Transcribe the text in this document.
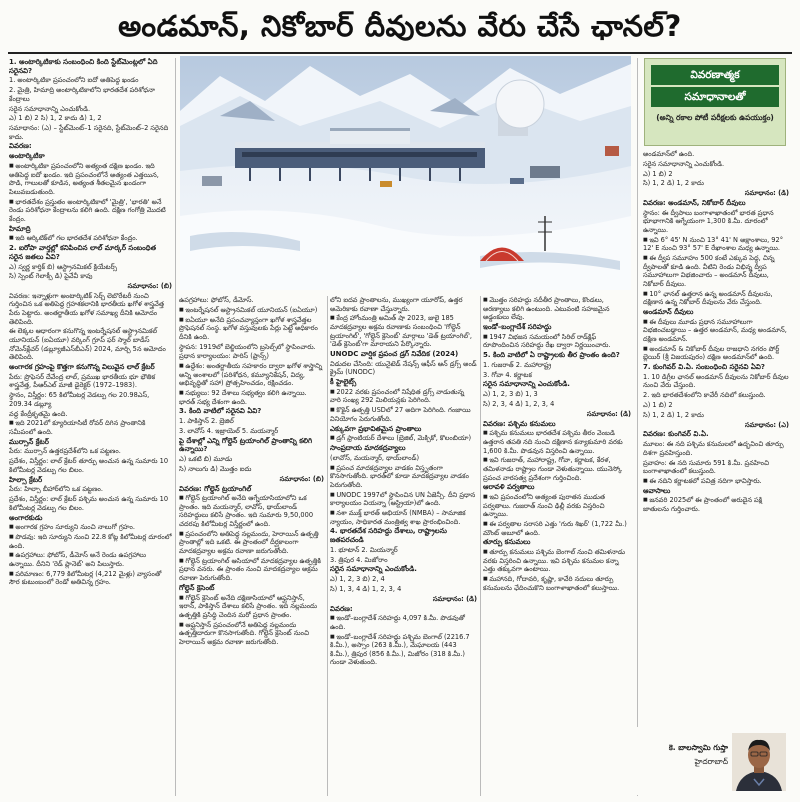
అండమాన్, నికోబార్ దీవులను వేరు చేసే ఛానల్?
వివరణాత్మక
సమాధానాలతో
(అన్ని రకాల పోటీ పరీక్షలకు ఉపయుక్తం)

1. అంటార్కిటికాకు సంబంధించి కింది స్టేట్‌మెంట్లలో ఏది సరైనవి?

1. అంటార్కిటికా ప్రపంచంలోని ఐదో అతిపెద్ద ఖండం

2. మైత్రి, హిమాద్రి అంటార్కిటికాలోని భారతదేశ పరిశోధనా కేంద్రాలు

సరైన సమాధానాన్ని ఎంచుకోండి.

ఎ) 1 బి) 2 సి) 1, 2 కాదు డి) 1, 2

సమాధానం: (ఎ) – స్టేట్‌మెంట్–1 సరైనది, స్టేట్‌మెంట్–2 సరైనది కాదు.

వివరణ:

అంటార్కిటికా

■ అంటార్కిటికా ప్రపంచంలోని అత్యంత దక్షిణ ఖండం. ఇది అతిపెద్ద ఐదో ఖండం. ఇది ప్రపంచంలోనే అత్యంత ఎత్తయిన, పొడి, గాలులతో కూడిన, అత్యంత శీతలమైన ఖండంగా పిలువబడుతుంది.

■ భారతదేశం ప్రస్తుతం అంటార్కిటికాలో 'మైత్రి', 'భారతి' అనే రెండు పరిశోధనా కేంద్రాలను కలిగి ఉంది. దక్షిణ గంగోత్రి మొదటి కేంద్రం.

హిమాద్రి

■ ఇది ఆర్కిటిక్‌లో గల భారతదేశ పరిశోధనా కేంద్రం.

2. ఐరోపా వార్తల్లో కనిపించిన లాల్ మార్కర్ సంబంధిత సరైన జతలు ఏవి?

ఎ) స్వర్ణ కార్తిక్ బి) ఆస్ట్రానమికల్ క్రియేటర్స్

సి) స్పెంట్ గెలాక్సీ డి) పైవేవీ కావు

సమాధానం: (బి)

వివరణ: ఇన్నాళ్లుగా అంటార్కిటిక్ సెర్చ్ లెబొరేటరీ నుంచి గుర్తించిన ఒక అతిపెద్ద గ్రహశకలానికి భారతీయ ఖగోళ శాస్త్రవేత్త పేరు పెట్టారు. అంతర్జాతీయ ఖగోళ సమాఖ్య దీనికి ఆమోదం తెలిపింది.

ఈ లెక్కల ఆధారంగా కనుగొన్న ఇంటర్నేషనల్ ఆస్ట్రానమికల్ యూనియన్ (ఐఏయూ) వర్కింగ్ గ్రూప్ ఫర్ స్మాల్ బాడీస్ నోమెన్‌క్లేచర్ (డబ్ల్యూజీఎస్‌బీఎన్) 2024, మార్చి 5న ఆమోదం తెలిపింది.

అంగారక గ్రహంపై కొత్తగా కనుగొన్న విలువైన లాల్ క్రేటర్

పేరు: ప్రొఫెసర్ దేవేంద్ర లాల్, ప్రముఖ భారతీయ భూ భౌతిక శాస్త్రవేత్త, పీఆర్ఎల్ మాజీ డైరెక్టర్ (1972–1983).

స్థానం, విస్తీర్ణం: 65 కిలోమీటర్ల వెడల్పు గల 20.98ఎస్, 209.34 డబ్ల్యూ

వద్ద కేంద్రీకృతమై ఉంది.

■ ఇది 2021లో క్యూరియాసిటీ రోవర్ దిగిన ప్రాంతానికి సమీపంలో ఉంది.

ముర్సాన్ క్రేటర్

పేరు: ముర్సాన్ ఉత్తరప్రదేశ్‌లోని ఒక పట్టణం.

ప్రదేశం, విస్తీర్ణం: లాల్ క్రేటర్ తూర్పు అంచున ఉన్న సుమారు 10 కిలోమీటర్ల వెడల్పు గల బిలం.

హిల్సా క్రేటర్

పేరు: హిల్సా బీహార్‌లోని ఒక పట్టణం.

ప్రదేశం, విస్తీర్ణం: లాల్ క్రేటర్ పశ్చిమ అంచున ఉన్న సుమారు 10 కిలోమీటర్ల వెడల్పు గల బిలం.

అంగారకుడు

■ అంగారక గ్రహం సూర్యుని నుంచి నాలుగో గ్రహం.

■ పొడవు: ఇది సూర్యుని నుంచి 22.8 కోట్ల కిలోమీటర్ల దూరంలో ఉంది.

■ ఉపగ్రహాలు: ఫోబోస్, డీమోస్ అనే రెండు ఉపగ్రహాలు ఉన్నాయి. దీనిని 'రెడ్ ప్లానెట్' అని పిలుస్తారు.

■ పరిమాణం: 6,779 కిలోమీటర్ల (4,212 మైళ్లు) వ్యాసంతో సౌర కుటుంబంలో రెండో అతిచిన్న గ్రహం.

ఉపగ్రహాలు: ఫోబోస్, డీమోస్.

■ ఇంటర్నేషనల్ ఆస్ట్రానమికల్ యూనియన్ (ఐఏయూ)

■ ఐఏయూ అనేది ప్రపంచవ్యాప్తంగా ఖగోళ శాస్త్రవేత్తల ప్రొఫెషనల్ సంస్థ. ఖగోళ వస్తువులకు పేర్లు పెట్టే అధికారం దీనికి ఉంది.

స్థాపన: 1919లో బెల్జియంలోని బ్రసెల్స్‌లో స్థాపించారు.

ప్రధాన కార్యాలయం: పారిస్ (ఫ్రాన్స్)

■ ఉద్దేశం: అంతర్జాతీయ సహకారం ద్వారా ఖగోళ శాస్త్రాన్ని అన్ని అంశాలలో (పరిశోధన, కమ్యూనికేషన్, విద్య, అభివృద్ధితో సహా) ప్రోత్సహించడం, రక్షించడం.

■ సభ్యులు: 92 దేశాలు సభ్యత్వం కలిగి ఉన్నాయి. భారత్ సభ్య దేశంగా ఉంది.

3. కింది వాటిలో సరైనవి ఏవి?

1. పాకిస్తాన్ 2. బ్రెజిల్

3. లావోస్ 4. ఇజ్రాయెల్ 5. మయన్మార్

పై దేశాల్లో ఎన్ని గోల్డెన్ ట్రయాంగిల్ ప్రాంతాన్ని కలిగి ఉన్నాయి?

ఎ) ఒకటి బి) మూడు

సి) నాలుగు డి) మొత్తం ఐదు

సమాధానం: (బి)

వివరణ: గోల్డెన్ ట్రయాంగిల్

■ గోల్డెన్ ట్రయాంగిల్ అనేది ఆగ్నేయాసియాలోని ఒక ప్రాంతం. ఇది మయన్మార్, లావోస్, థాయ్‌లాండ్ సరిహద్దులు కలిసే ప్రాంతం. ఇది సుమారు 9,50,000 చదరపు కిలోమీటర్ల విస్తీర్ణంలో ఉంది.

■ ప్రపంచంలోని అతిపెద్ద నల్లమందు, హెరాయిన్ ఉత్పత్తి ప్రాంతాల్లో ఇది ఒకటి. ఈ ప్రాంతంలో దీర్ఘకాలంగా మాదకద్రవ్యాల అక్రమ రవాణా జరుగుతోంది.

■ గోల్డెన్ ట్రయాంగిల్ ఆసియాలో మాదకద్రవ్యాల ఉత్పత్తికి ప్రధాన వనరు. ఈ ప్రాంతం నుంచి మాదకద్రవ్యాల అక్రమ రవాణా పెరుగుతోంది.

గోల్డెన్ క్రెసెంట్

■ గోల్డెన్ క్రెసెంట్ అనేది దక్షిణాసియాలో ఆఫ్ఘనిస్తాన్, ఇరాన్, పాకిస్తాన్ దేశాలు కలిసే ప్రాంతం. ఇది నల్లమందు ఉత్పత్తికి ప్రసిద్ధి చెందిన మరో ప్రధాన ప్రాంతం.

■ ఆఫ్ఘనిస్తాన్ ప్రపంచంలోనే అతిపెద్ద నల్లమందు ఉత్పత్తిదారుగా కొనసాగుతోంది. గోల్డెన్ క్రెసెంట్ నుంచి హెరాయిన్ అక్రమ రవాణా జరుగుతోంది.

లోని ఐదవ ప్రాంతాలను, ముఖ్యంగా యూరోప్, ఉత్తర అమెరికాకు రవాణా చేస్తున్నారు.

■ కేంద్ర హోంమంత్రి అమిత్ షా 2023, జులై 185 మాదకద్రవ్యాల అక్రమ రవాణాకు సంబంధించి 'గోల్డెన్ ట్రయాంగిల్', 'గోల్డెన్ క్రెసెంట్' మార్గాలు 'డెత్ ట్రయాంగిల్', 'డెత్ క్రెసెంట్'గా మారాయని పేర్కొన్నారు.

UNODC వార్షిక ప్రపంచ డ్రగ్ నివేదిక (2024)

విడుదల చేసింది: యునైటెడ్ నేషన్స్ ఆఫీస్ ఆన్ డ్రగ్స్ అండ్ క్రైమ్ (UNODC)

కీ హైలైట్స్

■ 2022 వరకు ప్రపంచంలో నిషేధిత డ్రగ్స్ వాడుతున్న వారి సంఖ్య 292 మిలియన్లకు పెరిగింది.

■ కొకైన్ ఉత్పత్తి USDలో 27 అదిగా పెరిగింది. గంజాయి వినియోగం పెరుగుతోంది.

ఎక్కువగా ప్రభావితమైన ప్రాంతాలు

■ డ్రగ్ ఫ్రాంటియర్ దేశాలు (బ్రెజిల్, మెక్సికో, కొలంబియా)

సాంప్రదాయ మాదకద్రవ్యాలు

(లావోస్, మయన్మార్, థాయ్‌లాండ్)

■ ప్రపంచ మాదకద్రవ్యాల వాడకం విస్తృతంగా కొనసాగుతోంది. భారత్‌లో కూడా మాదకద్రవ్యాల వాడకం పెరుగుతోంది.

■ UNODC 1997లో స్థాపించిన UN ఏజెన్సీ. దీని ప్రధాన కార్యాలయం వియన్నా (ఆస్ట్రియా)లో ఉంది.

■ నశా ముక్త్ భారత్ అభియాన్ (NMBA) – సామాజిక న్యాయం, సాధికారత మంత్రిత్వ శాఖ ప్రారంభించింది.

4. భారతదేశ సరిహద్దు దేశాలు, రాష్ట్రాలను జతపరచండి

1. భూటాన్ 2. మియన్మార్

3. త్రిపుర 4. మిజోరాం

సరైన సమాధానాన్ని ఎంచుకోండి.

ఎ) 1, 2, 3 బి) 2, 4

సి) 1, 3, 4 డి) 1, 2, 3, 4

సమాధానం: (డి)

వివరణ:

■ ఇండో–బంగ్లాదేశ్ సరిహద్దు 4,097 కి.మీ. పొడవుతో ఉంది.

■ ఇండో–బంగ్లాదేశ్ సరిహద్దు పశ్చిమ బెంగాల్ (2216.7 కి.మీ.), అస్సాం (263 కి.మీ.), మేఘాలయ (443 కి.మీ.), త్రిపుర (856 కి.మీ.), మిజోరం (318 కి.మీ.) గుండా వెళుతుంది.

■ మొత్తం సరిహద్దు నదీతీర ప్రాంతాలు, కొండలు, అరణ్యాలు కలిగి ఉంటుంది. ఎటువంటి సహజమైన అడ్డంకులు లేవు.

ఇండో–బంగ్లాదేశ్ సరిహద్దు

■ 1947 విభజన సమయంలో సిరిల్ రాడ్‌క్లిఫ్ రూపొందించిన సరిహద్దు రేఖ ద్వారా నిర్ణయించారు.

5. కింది వాటిలో ఏ రాష్ట్రాలకు తీర ప్రాంతం ఉంది?

1. గుజరాత్ 2. మహారాష్ట్ర

3. గోవా 4. కర్ణాటక

సరైన సమాధానాన్ని ఎంచుకోండి.

ఎ) 1, 2, 3 బి) 1, 3

సి) 2, 3, 4 డి) 1, 2, 3, 4

సమాధానం: (డి)

వివరణ: పశ్చిమ కనుమలు

■ పశ్చిమ కనుమలు భారతదేశ పశ్చిమ తీరం వెంబడి ఉత్తరాన తపతి నది నుంచి దక్షిణాన కన్యాకుమారి వరకు 1,600 కి.మీ. పొడవున విస్తరించి ఉన్నాయి.

■ ఇవి గుజరాత్, మహారాష్ట్ర, గోవా, కర్ణాటక, కేరళ, తమిళనాడు రాష్ట్రాల గుండా వెళుతున్నాయి. యునెస్కో ప్రపంచ వారసత్వ ప్రదేశంగా గుర్తించింది.

ఆరావళి పర్వతాలు

■ ఇవి ప్రపంచంలోని అత్యంత పురాతన ముడుత పర్వతాలు. గుజరాత్ నుంచి ఢిల్లీ వరకు విస్తరించి ఉన్నాయి.

■ ఈ పర్వతాల సరాసరి ఎత్తు 'గురు శిఖర్' (1,722 మీ.) మౌంట్ అబూలో ఉంది.

తూర్పు కనుమలు

■ తూర్పు కనుమలు పశ్చిమ బెంగాల్ నుంచి తమిళనాడు వరకు విస్తరించి ఉన్నాయి. ఇవి పశ్చిమ కనుమల కన్నా ఎత్తు తక్కువగా ఉంటాయి.

■ మహానది, గోదావరి, కృష్ణా, కావేరి నదులు తూర్పు కనుమలను ఛేదించుకొని బంగాళాఖాతంలో కలుస్తాయి.

అండమాన్‌లో ఉంది.

సరైన సమాధానాన్ని ఎంచుకోండి.

ఎ) 1 బి) 2

సి) 1, 2 డి) 1, 2 కాదు

సమాధానం: (డి)

వివరణ: అండమాన్, నికోబార్ దీవులు

స్థానం: ఈ ద్వీపాలు బంగాళాఖాతంలో భారత ప్రధాన భూభాగానికి ఆగ్నేయంగా 1,300 కి.మీ. దూరంలో ఉన్నాయి.

■ ఇవి 6° 45' N నుంచి 13° 41' N అక్షాంశాలు, 92° 12' E నుంచి 93° 57' E రేఖాంశాల మధ్య ఉన్నాయి.

■ ఈ ద్వీప సమూహం 500 కంటే ఎక్కువ పెద్ద, చిన్న ద్వీపాలతో కూడి ఉంది. వీటిని రెండు విభిన్న ద్వీప సమూహాలుగా విభజించారు – అండమాన్ దీవులు, నికోబార్ దీవులు.

■ 10° ఛానల్ ఉత్తరాన ఉన్న అండమాన్ దీవులను, దక్షిణాన ఉన్న నికోబార్ దీవులను వేరు చేస్తుంది.

అండమాన్ దీవులు

■ ఈ దీవులు మూడు ప్రధాన సమూహాలుగా విభజించబడ్డాయి – ఉత్తర అండమాన్, మధ్య అండమాన్, దక్షిణ అండమాన్.

■ అండమాన్ & నికోబార్ దీవుల రాజధాని నగరం పోర్ట్ బ్లెయిర్ (శ్రీ విజయపురం) దక్షిణ అండమాన్‌లో ఉంది.

7. కుంగివర్ వి.ఏ. సంబంధించి సరైనవి ఏవి?

1. 10 డిగ్రీల ఛానల్ అండమాన్ దీవులను నికోబార్ దీవుల నుంచి వేరు చేస్తుంది.

2. ఇది భారతదేశంలోని కావేరీ నదిలో కలుస్తుంది.

ఎ) 1 బి) 2

సి) 1, 2 డి) 1, 2 కాదు

సమాధానం: (ఎ)

వివరణ: కుంగివర్ వి.ఏ.

మూలం: ఈ నది పశ్చిమ కనుమలలో ఉద్భవించి తూర్పు దిశగా ప్రవహిస్తుంది.

ప్రవాహం: ఈ నది సుమారు 591 కి.మీ. ప్రవహించి బంగాళాఖాతంలో కలుస్తుంది.

■ ఈ నదిని కర్ణాటకలో పవిత్ర నదిగా భావిస్తారు.

ఆవాసాలు

■ జనవరి 2025లో ఈ ప్రాంతంలో అరుదైన పక్షి జాతులను గుర్తించారు.

కె. బాలస్వామి గుప్తా
హైదరాబాద్
